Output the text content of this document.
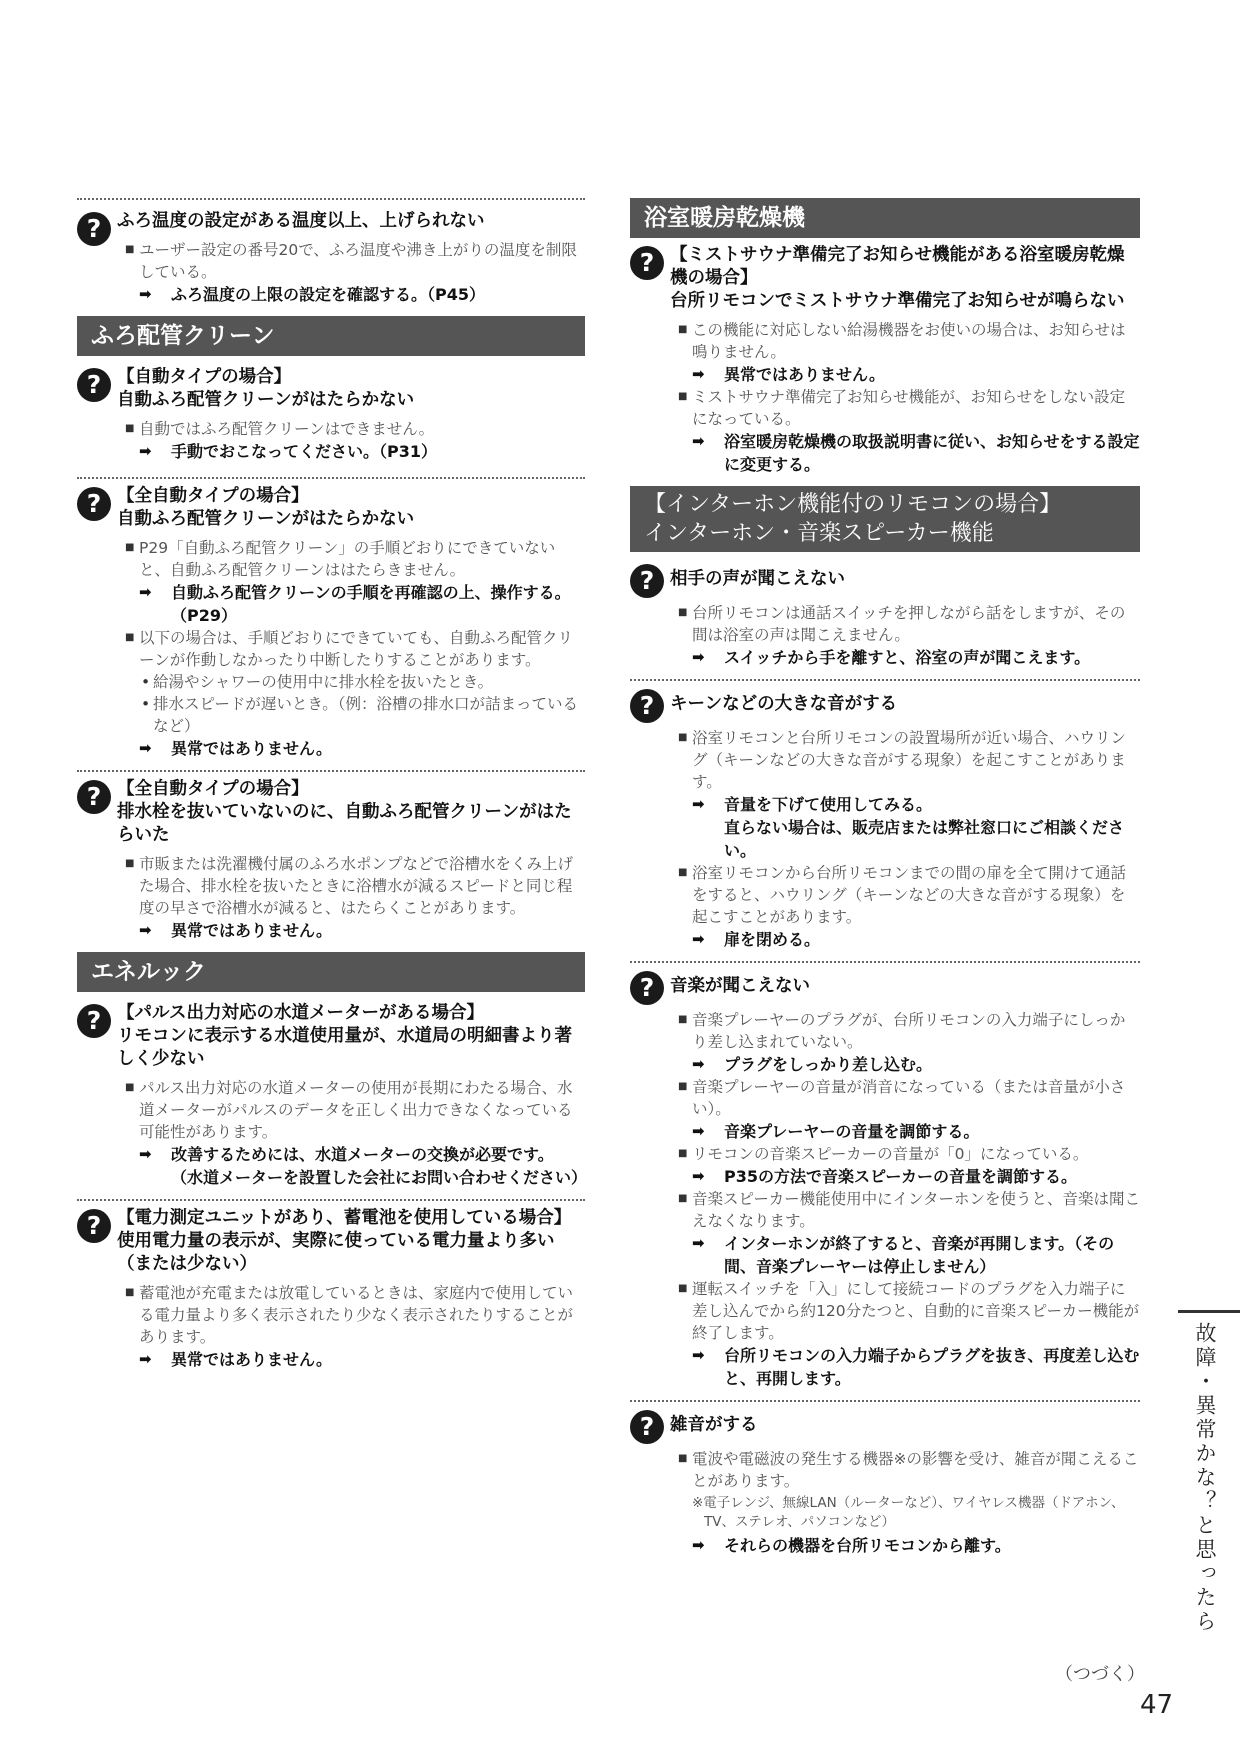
? ふろ温度の設定がある温度以上、上げられない

■ ユーザー設定の番号20で、ふろ温度や沸き上がりの温度を制限している。

➡ ふろ温度の上限の設定を確認する。（P45）

ふろ配管クリーン
? 【自動タイプの場合】

自動ふろ配管クリーンがはたらかない

■ 自動ではふろ配管クリーンはできません。

➡ 手動でおこなってください。（P31）

? 【全自動タイプの場合】

自動ふろ配管クリーンがはたらかない

■ P29「自動ふろ配管クリーン」の手順どおりにできていないと、自動ふろ配管クリーンははたらきません。

➡ 自動ふろ配管クリーンの手順を再確認の上、操作する。（P29）

■ 以下の場合は、手順どおりにできていても、自動ふろ配管クリーンが作動しなかったり中断したりすることがあります。

• 給湯やシャワーの使用中に排水栓を抜いたとき。

• 排水スピードが遅いとき。（例：浴槽の排水口が詰まっているなど）

➡ 異常ではありません。

? 【全自動タイプの場合】

排水栓を抜いていないのに、自動ふろ配管クリーンがはたらいた

■ 市販または洗濯機付属のふろ水ポンプなどで浴槽水をくみ上げた場合、排水栓を抜いたときに浴槽水が減るスピードと同じ程度の早さで浴槽水が減ると、はたらくことがあります。

➡ 異常ではありません。

エネルック
? 【パルス出力対応の水道メーターがある場合】

リモコンに表示する水道使用量が、水道局の明細書より著しく少ない

■ パルス出力対応の水道メーターの使用が長期にわたる場合、水道メーターがパルスのデータを正しく出力できなくなっている可能性があります。

➡ 改善するためには、水道メーターの交換が必要です。

（水道メーターを設置した会社にお問い合わせください）

? 【電力測定ユニットがあり、蓄電池を使用している場合】

使用電力量の表示が、実際に使っている電力量より多い（または少ない）

■ 蓄電池が充電または放電しているときは、家庭内で使用している電力量より多く表示されたり少なく表示されたりすることがあります。

➡ 異常ではありません。

浴室暖房乾燥機
? 【ミストサウナ準備完了お知らせ機能がある浴室暖房乾燥機の場合】

台所リモコンでミストサウナ準備完了お知らせが鳴らない

■ この機能に対応しない給湯機器をお使いの場合は、お知らせは鳴りません。

➡ 異常ではありません。

■ ミストサウナ準備完了お知らせ機能が、お知らせをしない設定になっている。

➡ 浴室暖房乾燥機の取扱説明書に従い、お知らせをする設定に変更する。

【インターホン機能付のリモコンの場合】
インターホン・音楽スピーカー機能
? 相手の声が聞こえない

■ 台所リモコンは通話スイッチを押しながら話をしますが、その間は浴室の声は聞こえません。

➡ スイッチから手を離すと、浴室の声が聞こえます。

? キーンなどの大きな音がする

■ 浴室リモコンと台所リモコンの設置場所が近い場合、ハウリング（キーンなどの大きな音がする現象）を起こすことがあります。

➡ 音量を下げて使用してみる。

直らない場合は、販売店または弊社窓口にご相談ください。

■ 浴室リモコンから台所リモコンまでの間の扉を全て開けて通話をすると、ハウリング（キーンなどの大きな音がする現象）を起こすことがあります。

➡ 扉を閉める。

? 音楽が聞こえない

■ 音楽プレーヤーのプラグが、台所リモコンの入力端子にしっかり差し込まれていない。

➡ プラグをしっかり差し込む。

■ 音楽プレーヤーの音量が消音になっている（または音量が小さい）。

➡ 音楽プレーヤーの音量を調節する。

■ リモコンの音楽スピーカーの音量が「0」になっている。

➡ P35の方法で音楽スピーカーの音量を調節する。

■ 音楽スピーカー機能使用中にインターホンを使うと、音楽は聞こえなくなります。

➡ インターホンが終了すると、音楽が再開します。（その間、音楽プレーヤーは停止しません）

■ 運転スイッチを「入」にして接続コードのプラグを入力端子に差し込んでから約120分たつと、自動的に音楽スピーカー機能が終了します。

➡ 台所リモコンの入力端子からプラグを抜き、再度差し込むと、再開します。

? 雑音がする

■ 電波や電磁波の発生する機器※の影響を受け、雑音が聞こえることがあります。

※電子レンジ、無線LAN（ルーターなど）、ワイヤレス機器（ドアホン、TV、ステレオ、パソコンなど）

➡ それらの機器を台所リモコンから離す。	故障・異常かな？と思ったら
（つづく）
47
